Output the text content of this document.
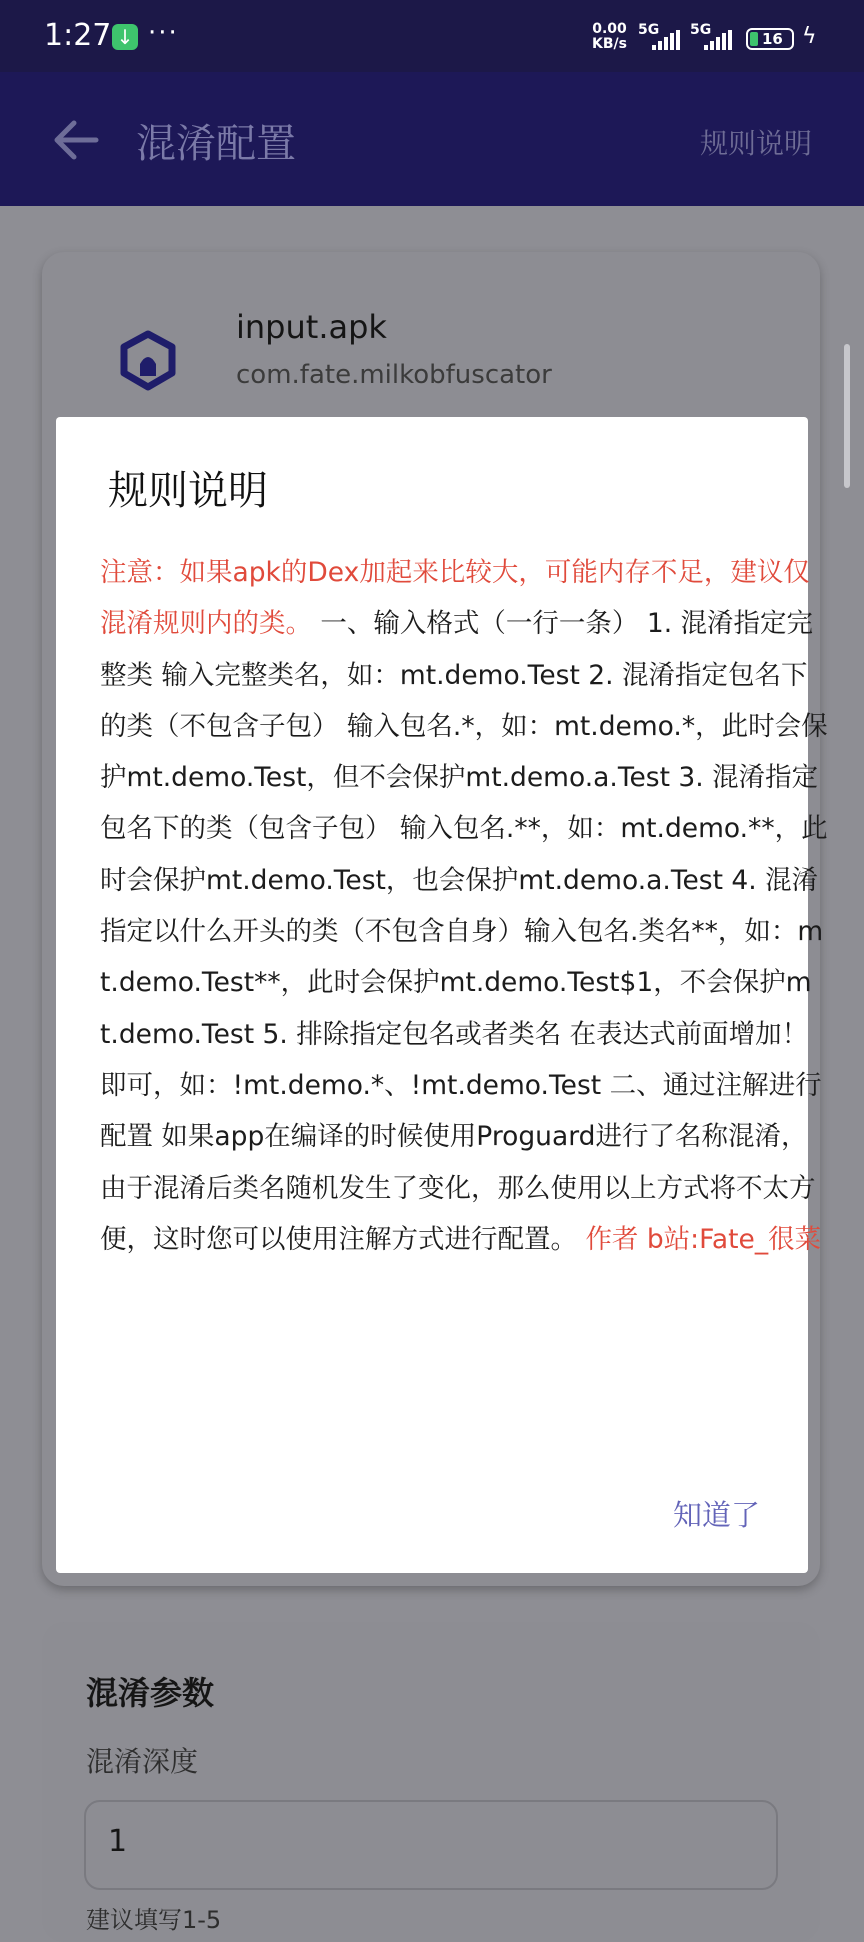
1:27 ↓ ···	0.00
KB/s
5G 5G	16 ϟ
混淆配置	规则说明
input.apk
com.fate.milkobfuscator
混淆参数
混淆深度
1
建议填写1-5
规则说明
注意：如果apk的Dex加起来比较大，可能内存不足，建议仅混淆规则内的类。 一、输入格式（一行一条） 1. 混淆指定完整类 输入完整类名，如：mt.demo.Test 2. 混淆指定包名下的类（不包含子包） 输入包名.*，如：mt.demo.*，此时会保护mt.demo.Test，但不会保护mt.demo.a.Test 3. 混淆指定包名下的类（包含子包） 输入包名.**，如：mt.demo.**，此时会保护mt.demo.Test，也会保护mt.demo.a.Test 4. 混淆指定以什么开头的类（不包含自身）输入包名.类名**，如：mt.demo.Test**，此时会保护mt.demo.Test$1，不会保护mt.demo.Test 5. 排除指定包名或者类名 在表达式前面增加！即可，如：!mt.demo.*、!mt.demo.Test 二、通过注解进行配置 如果app在编译的时候使用Proguard进行了名称混淆，由于混淆后类名随机发生了变化，那么使用以上方式将不太方便，这时您可以使用注解方式进行配置。 作者 b站:Fate_很菜
知道了
